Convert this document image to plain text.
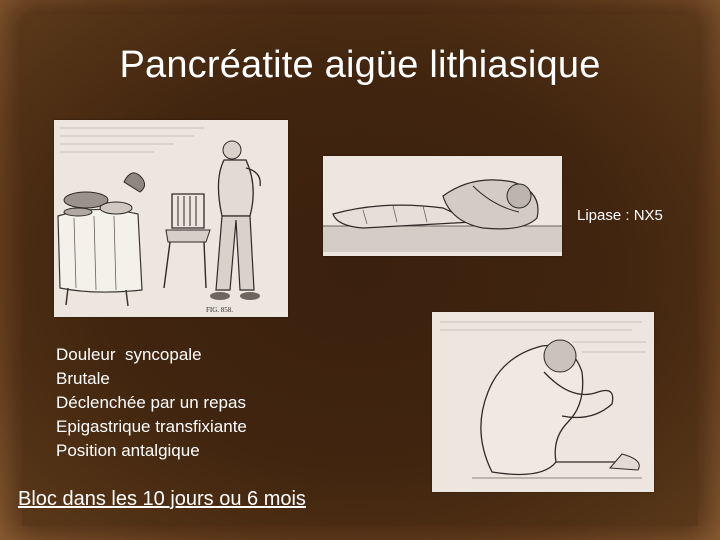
Pancréatite aigüe lithiasique
FIG. 858.
Lipase : NX5
Douleur  syncopale
Brutale
Déclenchée par un repas
Epigastrique transfixiante
Position antalgique
Bloc dans les 10 jours ou 6 mois
